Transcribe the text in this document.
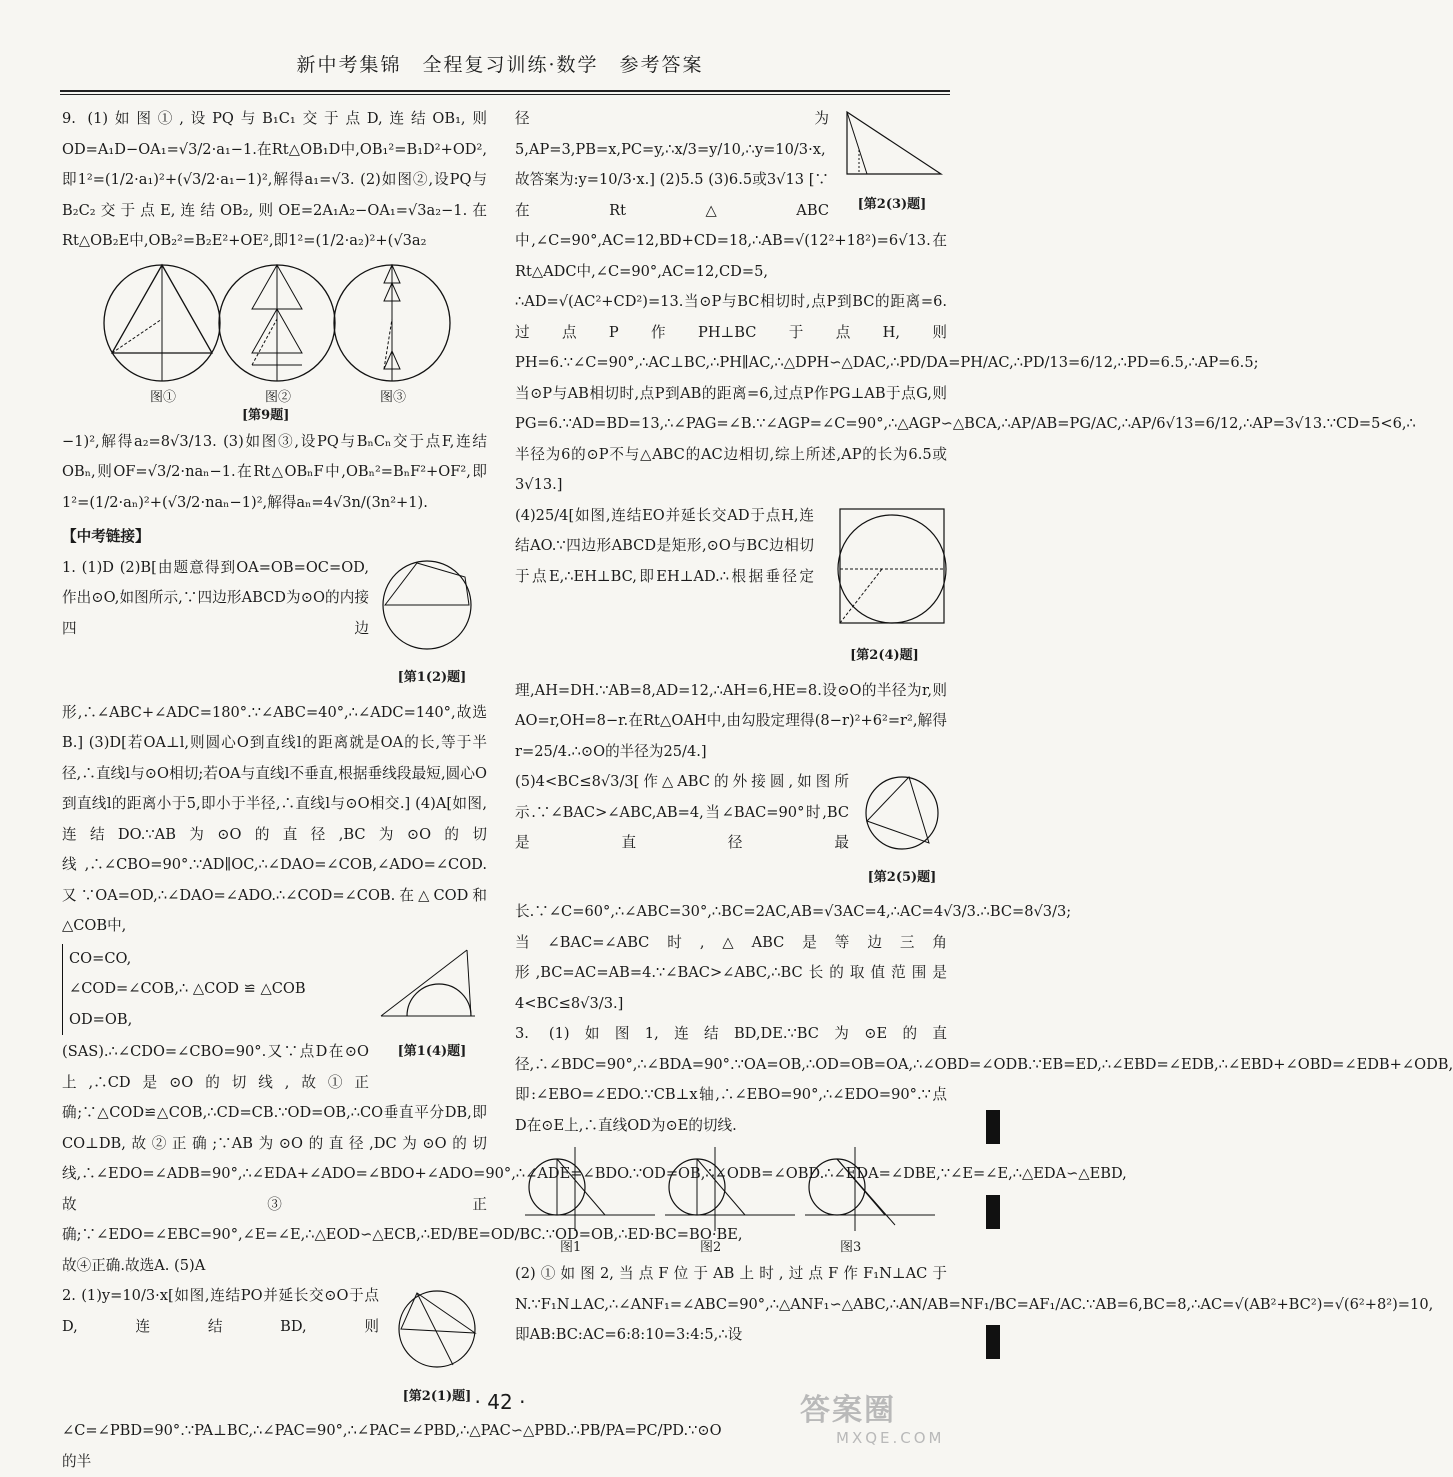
新中考集锦　全程复习训练·数学　参考答案

9. (1)如图①,设PQ与B₁C₁交于点D,连结OB₁,则OD=A₁D−OA₁=√3/2·a₁−1.在Rt△OB₁D中,OB₁²=B₁D²+OD²,即1²=(1/2·a₁)²+(√3/2·a₁−1)²,解得a₁=√3. (2)如图②,设PQ与B₂C₂交于点E,连结OB₂,则OE=2A₁A₂−OA₁=√3a₂−1.在Rt△OB₂E中,OB₂²=B₂E²+OE²,即1²=(1/2·a₂)²+(√3a₂

图①	图②	图③
[第9题]

−1)²,解得a₂=8√3/13. (3)如图③,设PQ与BₙCₙ交于点F,连结OBₙ,则OF=√3/2·naₙ−1.在Rt△OBₙF中,OBₙ²=BₙF²+OF²,即1²=(1/2·aₙ)²+(√3/2·naₙ−1)²,解得aₙ=4√3n/(3n²+1).

【中考链接】

[第1(2)题]

1. (1)D (2)B[由题意得到OA=OB=OC=OD,作出⊙O,如图所示,∵四边形ABCD为⊙O的内接四边形,∴∠ABC+∠ADC=180°.∵∠ABC=40°,∴∠ADC=140°,故选B.] (3)D[若OA⊥l,则圆心O到直线l的距离就是OA的长,等于半径,∴直线l与⊙O相切;若OA与直线l不垂直,根据垂线段最短,圆心O到直线l的距离小于5,即小于半径,∴直线l与⊙O相交.] (4)A[如图,连结DO.∵AB为⊙O的直径,BC为⊙O的切线,∴∠CBO=90°.∵AD∥OC,∴∠DAO=∠COB,∠ADO=∠COD.又∵OA=OD,∴∠DAO=∠ADO.∴∠COD=∠COB.在△COD和△COB中,

[第1(4)题]
CO=CO,
∠COD=∠COB,∴ △COD ≌ △COB
OD=OB,

(SAS).∴∠CDO=∠CBO=90°.又∵点D在⊙O上,∴CD是⊙O的切线,故①正确;∵△COD≌△COB,∴CD=CB.∵OD=OB,∴CO垂直平分DB,即CO⊥DB,故②正确;∵AB为⊙O的直径,DC为⊙O的切线,∴∠EDO=∠ADB=90°,∴∠EDA+∠ADO=∠BDO+∠ADO=90°,∴∠ADE=∠BDO.∵OD=OB,∴∠ODB=∠OBD.∴∠EDA=∠DBE,∵∠E=∠E,∴△EDA∽△EBD,故③正确;∵∠EDO=∠EBC=90°,∠E=∠E,∴△EOD∽△ECB,∴ED/BE=OD/BC.∵OD=OB,∴ED·BC=BO·BE,故④正确.故选A. (5)A

[第2(1)题]

2. (1)y=10/3·x[如图,连结PO并延长交⊙O于点D,连结BD,则∠C=∠PBD=90°.∵PA⊥BC,∴∠PAC=90°,∴∠PAC=∠PBD,∴△PAC∽△PBD.∴PB/PA=PC/PD.∵⊙O的半

[第2(3)题]

径为5,AP=3,PB=x,PC=y,∴x/3=y/10,∴y=10/3·x,故答案为:y=10/3·x.] (2)5.5 (3)6.5或3√13 [∵在Rt△ABC中,∠C=90°,AC=12,BD+CD=18,∴AB=√(12²+18²)=6√13.在Rt△ADC中,∠C=90°,AC=12,CD=5,

∴AD=√(AC²+CD²)=13.当⊙P与BC相切时,点P到BC的距离=6.过点P作PH⊥BC于点H,则PH=6.∵∠C=90°,∴AC⊥BC,∴PH∥AC,∴△DPH∽△DAC,∴PD/DA=PH/AC,∴PD/13=6/12,∴PD=6.5,∴AP=6.5;当⊙P与AB相切时,点P到AB的距离=6,过点P作PG⊥AB于点G,则PG=6.∵AD=BD=13,∴∠PAG=∠B.∵∠AGP=∠C=90°,∴△AGP∽△BCA,∴AP/AB=PG/AC,∴AP/6√13=6/12,∴AP=3√13.∵CD=5<6,∴半径为6的⊙P不与△ABC的AC边相切,综上所述,AP的长为6.5或3√13.]

[第2(4)题]

(4)25/4[如图,连结EO并延长交AD于点H,连结AO.∵四边形ABCD是矩形,⊙O与BC边相切于点E,∴EH⊥BC,即EH⊥AD.∴根据垂径定理,AH=DH.∵AB=8,AD=12,∴AH=6,HE=8.设⊙O的半径为r,则AO=r,OH=8−r.在Rt△OAH中,由勾股定理得(8−r)²+6²=r²,解得r=25/4.∴⊙O的半径为25/4.]

[第2(5)题]

(5)4<BC≤8√3/3[作△ABC的外接圆,如图所示.∵∠BAC>∠ABC,AB=4,当∠BAC=90°时,BC是直径最长.∵∠C=60°,∴∠ABC=30°,∴BC=2AC,AB=√3AC=4,∴AC=4√3/3.∴BC=8√3/3;当∠BAC=∠ABC时,△ABC是等边三角形,BC=AC=AB=4.∵∠BAC>∠ABC,∴BC长的取值范围是4<BC≤8√3/3.]

3. (1)如图1,连结BD,DE.∵BC为⊙E的直径,∴∠BDC=90°,∴∠BDA=90°.∵OA=OB,∴OD=OB=OA,∴∠OBD=∠ODB.∵EB=ED,∴∠EBD=∠EDB,∴∠EBD+∠OBD=∠EDB+∠ODB,即:∠EBO=∠EDO.∵CB⊥x轴,∴∠EBO=90°,∴∠EDO=90°.∵点D在⊙E上,∴直线OD为⊙E的切线.

图1	图2	图3

(2)①如图2,当点F位于AB上时,过点F作F₁N⊥AC于N.∵F₁N⊥AC,∴∠ANF₁=∠ABC=90°,∴△ANF₁∽△ABC,∴AN/AB=NF₁/BC=AF₁/AC.∵AB=6,BC=8,∴AC=√(AB²+BC²)=√(6²+8²)=10,即AB:BC:AC=6:8:10=3:4:5,∴设

· 42 ·	答案圈
MXQE.COM
